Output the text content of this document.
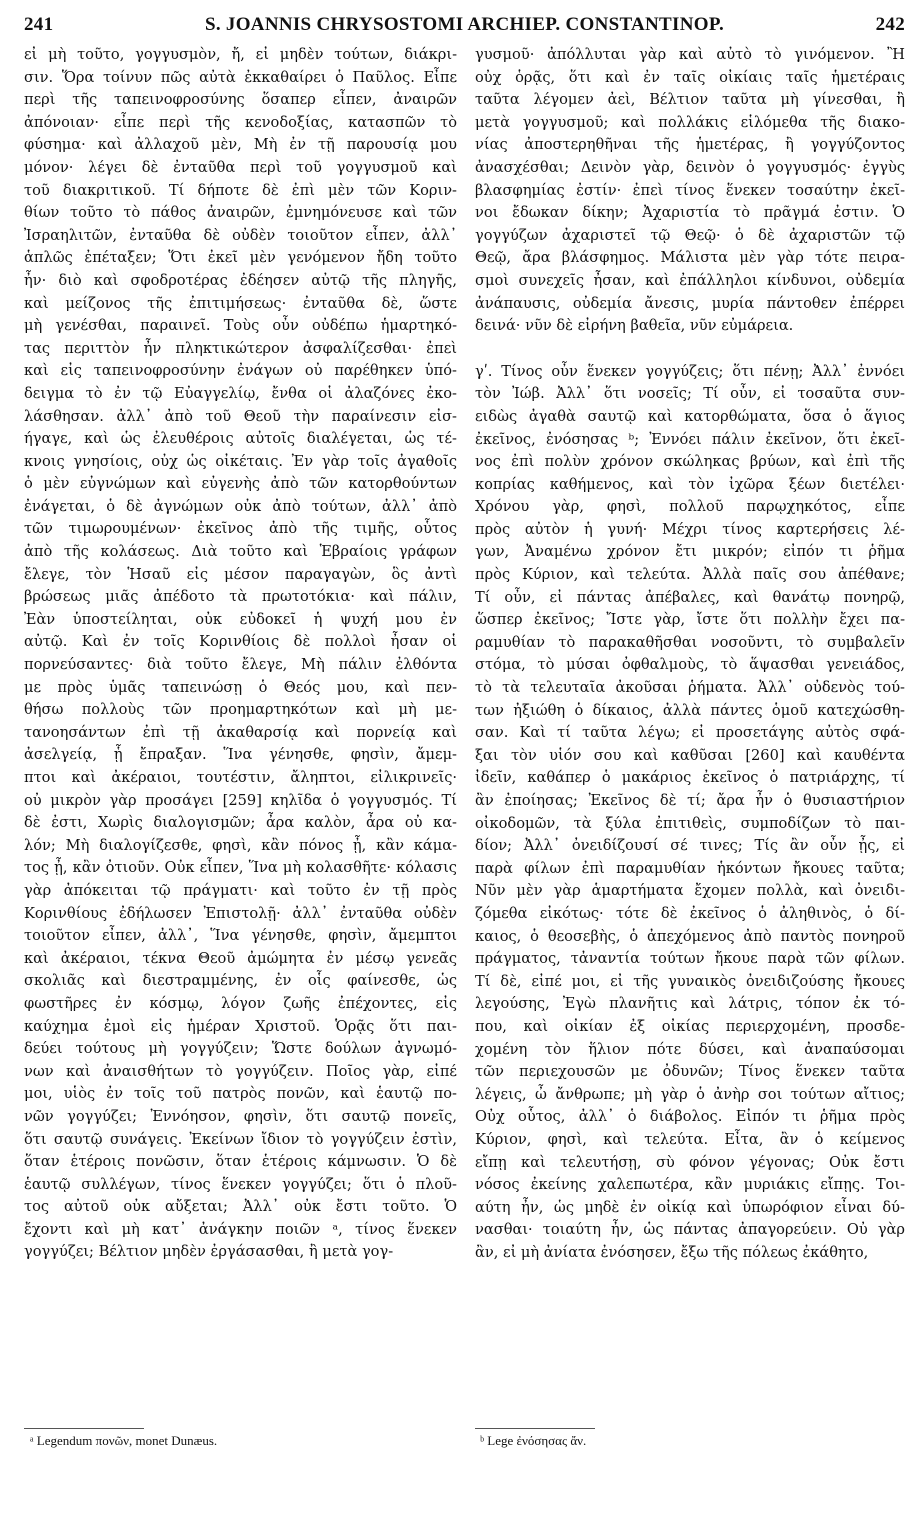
241	S. JOANNIS CHRYSOSTOMI ARCHIEP. CONSTANTINOP.	242
εἰ μὴ τοῦτο, γογγυσμὸν, ἤ, εἰ μηδὲν τούτων, διάκρι-
σιν. Ὅρα τοίνυν πῶς αὐτὰ ἐκκαθαίρει ὁ Παῦλος. Εἶπε
περὶ τῆς ταπεινοφροσύνης ὅσαπερ εἶπεν, ἀναιρῶν
ἀπόνοιαν· εἶπε περὶ τῆς κενοδοξίας, κατασπῶν τὸ
φύσημα· καὶ ἀλλαχοῦ μὲν, Μὴ ἐν τῇ παρουσίᾳ μου
μόνον· λέγει δὲ ἐνταῦθα περὶ τοῦ γογγυσμοῦ καὶ
τοῦ διακριτικοῦ. Τί δήποτε δὲ ἐπὶ μὲν τῶν Κοριν-
θίων τοῦτο τὸ πάθος ἀναιρῶν, ἐμνημόνευσε καὶ τῶν
Ἰσραηλιτῶν, ἐνταῦθα δὲ οὐδὲν τοιοῦτον εἶπεν, ἀλλ᾽
ἁπλῶς ἐπέταξεν; Ὅτι ἐκεῖ μὲν γενόμενον ἤδη τοῦτο
ἦν· διὸ καὶ σφοδροτέρας ἐδέησεν αὐτῷ τῆς πληγῆς,
καὶ μείζονος τῆς ἐπιτιμήσεως· ἐνταῦθα δὲ, ὥστε
μὴ γενέσθαι, παραινεῖ. Τοὺς οὖν οὐδέπω ἡμαρτηκό-
τας περιττὸν ἦν πληκτικώτερον ἀσφαλίζεσθαι· ἐπεὶ
καὶ εἰς ταπεινοφροσύνην ἐνάγων οὐ παρέθηκεν ὑπό-
δειγμα τὸ ἐν τῷ Εὐαγγελίῳ, ἔνθα οἱ ἀλαζόνες ἐκο-
λάσθησαν. ἀλλ᾽ ἀπὸ τοῦ Θεοῦ τὴν παραίνεσιν εἰσ-
ήγαγε, καὶ ὡς ἐλευθέροις αὐτοῖς διαλέγεται, ὡς τέ-
κνοις γνησίοις, οὐχ ὡς οἰκέταις. Ἐν γὰρ τοῖς ἀγαθοῖς
ὁ μὲν εὐγνώμων καὶ εὐγενὴς ἀπὸ τῶν κατορθούντων
ἐνάγεται, ὁ δὲ ἀγνώμων οὐκ ἀπὸ τούτων, ἀλλ᾽ ἀπὸ
τῶν τιμωρουμένων· ἐκεῖνος ἀπὸ τῆς τιμῆς, οὗτος
ἀπὸ τῆς κολάσεως. Διὰ τοῦτο καὶ Ἑβραίοις γράφων
ἔλεγε, τὸν Ἡσαῦ εἰς μέσον παραγαγὼν, ὃς ἀντὶ
βρώσεως μιᾶς ἀπέδοτο τὰ πρωτοτόκια· καὶ πάλιν,
Ἐὰν ὑποστείληται, οὐκ εὐδοκεῖ ἡ ψυχή μου ἐν
αὐτῷ. Καὶ ἐν τοῖς Κορινθίοις δὲ πολλοὶ ἦσαν οἱ
πορνεύσαντες· διὰ τοῦτο ἔλεγε, Μὴ πάλιν ἐλθόντα
με πρὸς ὑμᾶς ταπεινώσῃ ὁ Θεός μου, καὶ πεν-
θήσω πολλοὺς τῶν προημαρτηκότων καὶ μὴ με-
τανοησάντων ἐπὶ τῇ ἀκαθαρσίᾳ καὶ πορνείᾳ καὶ
ἀσελγείᾳ, ᾗ ἔπραξαν. Ἵνα γένησθε, φησὶν, ἄμεμ-
πτοι καὶ ἀκέραιοι, τουτέστιν, ἄληπτοι, εἰλικρινεῖς·
οὐ μικρὸν γὰρ προσάγει [259] κηλῖδα ὁ γογγυσμός. Τί
δὲ ἐστι, Χωρὶς διαλογισμῶν; ἆρα καλὸν, ἆρα οὐ κα-
λόν; Μὴ διαλογίζεσθε, φησὶ, κἂν πόνος ᾖ, κἂν κάμα-
τος ᾖ, κἂν ὀτιοῦν. Οὐκ εἶπεν, Ἵνα μὴ κολασθῆτε· κόλασις
γὰρ ἀπόκειται τῷ πράγματι· καὶ τοῦτο ἐν τῇ πρὸς
Κορινθίους ἐδήλωσεν Ἐπιστολῇ· ἀλλ᾽ ἐνταῦθα οὐδὲν
τοιοῦτον εἶπεν, ἀλλ᾽, Ἵνα γένησθε, φησὶν, ἄμεμπτοι
καὶ ἀκέραιοι, τέκνα Θεοῦ ἀμώμητα ἐν μέσῳ γενεᾶς
σκολιᾶς καὶ διεστραμμένης, ἐν οἷς φαίνεσθε, ὡς
φωστῆρες ἐν κόσμῳ, λόγον ζωῆς ἐπέχοντες, εἰς
καύχημα ἐμοὶ εἰς ἡμέραν Χριστοῦ. Ὁρᾷς ὅτι παι-
δεύει τούτους μὴ γογγύζειν; Ὥστε δούλων ἀγνωμό-
νων καὶ ἀναισθήτων τὸ γογγύζειν. Ποῖος γὰρ, εἰπέ
μοι, υἱὸς ἐν τοῖς τοῦ πατρὸς πονῶν, καὶ ἑαυτῷ πο-
νῶν γογγύζει; Ἐννόησον, φησὶν, ὅτι σαυτῷ πονεῖς,
ὅτι σαυτῷ συνάγεις. Ἐκείνων ἴδιον τὸ γογγύζειν ἐστὶν,
ὅταν ἑτέροις πονῶσιν, ὅταν ἑτέροις κάμνωσιν. Ὁ δὲ
ἑαυτῷ συλλέγων, τίνος ἕνεκεν γογγύζει; ὅτι ὁ πλοῦ-
τος αὐτοῦ οὐκ αὔξεται; Ἀλλ᾽ οὐκ ἔστι τοῦτο. Ὁ
ἔχοντι καὶ μὴ κατ᾽ ἀνάγκην ποιῶν ᵃ, τίνος ἕνεκεν
γογγύζει; Βέλτιον μηδὲν ἐργάσασθαι, ἢ μετὰ γογ-
γυσμοῦ· ἀπόλλυται γὰρ καὶ αὐτὸ τὸ γινόμενον. Ἢ
οὐχ ὁρᾷς, ὅτι καὶ ἐν ταῖς οἰκίαις ταῖς ἡμετέραις
ταῦτα λέγομεν ἀεὶ, Βέλτιον ταῦτα μὴ γίνεσθαι, ἢ
μετὰ γογγυσμοῦ; καὶ πολλάκις εἱλόμεθα τῆς διακο-
νίας ἀποστερηθῆναι τῆς ἡμετέρας, ἢ γογγύζοντος
ἀνασχέσθαι; Δεινὸν γὰρ, δεινὸν ὁ γογγυσμός· ἐγγὺς
βλασφημίας ἐστίν· ἐπεὶ τίνος ἕνεκεν τοσαύτην ἐκεῖ-
νοι ἔδωκαν δίκην; Ἀχαριστία τὸ πρᾶγμά ἐστιν. Ὁ
γογγύζων ἀχαριστεῖ τῷ Θεῷ· ὁ δὲ ἀχαριστῶν τῷ
Θεῷ, ἄρα βλάσφημος. Μάλιστα μὲν γὰρ τότε πειρα-
σμοὶ συνεχεῖς ἦσαν, καὶ ἐπάλληλοι κίνδυνοι, οὐδεμία
ἀνάπαυσις, οὐδεμία ἄνεσις, μυρία πάντοθεν ἐπέρρει
δεινά· νῦν δὲ εἰρήνη βαθεῖα, νῦν εὐμάρεια.
γʹ. Τίνος οὖν ἕνεκεν γογγύζεις; ὅτι πένῃ; Ἀλλ᾽ ἐννόει
τὸν Ἰώβ. Ἀλλ᾽ ὅτι νοσεῖς; Τί οὖν, εἰ τοσαῦτα συν-
ειδὼς ἀγαθὰ σαυτῷ καὶ κατορθώματα, ὅσα ὁ ἅγιος
ἐκεῖνος, ἐνόσησας ᵇ; Ἐννόει πάλιν ἐκεῖνον, ὅτι ἐκεῖ-
νος ἐπὶ πολὺν χρόνον σκώληκας βρύων, καὶ ἐπὶ τῆς
κοπρίας καθήμενος, καὶ τὸν ἰχῶρα ξέων διετέλει·
Χρόνου γὰρ, φησὶ, πολλοῦ παρῳχηκότος, εἶπε
πρὸς αὐτὸν ἡ γυνή· Μέχρι τίνος καρτερήσεις λέ-
γων, Ἀναμένω χρόνον ἔτι μικρόν; εἰπόν τι ῥῆμα
πρὸς Κύριον, καὶ τελεύτα. Ἀλλὰ παῖς σου ἀπέθανε;
Τί οὖν, εἰ πάντας ἀπέβαλες, καὶ θανάτῳ πονηρῷ,
ὥσπερ ἐκεῖνος; Ἴστε γὰρ, ἴστε ὅτι πολλὴν ἔχει πα-
ραμυθίαν τὸ παρακαθῆσθαι νοσοῦντι, τὸ συμβαλεῖν
στόμα, τὸ μύσαι ὀφθαλμοὺς, τὸ ἅψασθαι γενειάδος,
τὸ τὰ τελευταῖα ἀκοῦσαι ῥήματα. Ἀλλ᾽ οὐδενὸς τού-
των ἠξιώθη ὁ δίκαιος, ἀλλὰ πάντες ὁμοῦ κατεχώσθη-
σαν. Καὶ τί ταῦτα λέγω; εἰ προσετάγης αὐτὸς σφά-
ξαι τὸν υἱόν σου καὶ καθῦσαι [260] καὶ καυθέντα
ἰδεῖν, καθάπερ ὁ μακάριος ἐκεῖνος ὁ πατριάρχης, τί
ἂν ἐποίησας; Ἐκεῖνος δὲ τί; ἄρα ἦν ὁ θυσιαστήριον
οἰκοδομῶν, τὰ ξύλα ἐπιτιθεὶς, συμποδίζων τὸ παι-
δίον; Ἀλλ᾽ ὀνειδίζουσί σέ τινες; Τίς ἂν οὖν ᾖς, εἰ
παρὰ φίλων ἐπὶ παραμυθίαν ἡκόντων ἤκουες ταῦτα;
Νῦν μὲν γὰρ ἁμαρτήματα ἔχομεν πολλὰ, καὶ ὀνειδι-
ζόμεθα εἰκότως· τότε δὲ ἐκεῖνος ὁ ἀληθινὸς, ὁ δί-
καιος, ὁ θεοσεβὴς, ὁ ἀπεχόμενος ἀπὸ παντὸς πονηροῦ
πράγματος, τἀναντία τούτων ἤκουε παρὰ τῶν φίλων.
Τί δὲ, εἰπέ μοι, εἰ τῆς γυναικὸς ὀνειδιζούσης ἤκουες
λεγούσης, Ἐγὼ πλανῆτις καὶ λάτρις, τόπον ἐκ τό-
που, καὶ οἰκίαν ἐξ οἰκίας περιερχομένη, προσδε-
χομένη τὸν ἥλιον πότε δύσει, καὶ ἀναπαύσομαι
τῶν περιεχουσῶν με ὀδυνῶν; Τίνος ἕνεκεν ταῦτα
λέγεις, ὦ ἄνθρωπε; μὴ γὰρ ὁ ἀνὴρ σοι τούτων αἴτιος;
Οὐχ οὗτος, ἀλλ᾽ ὁ διάβολος. Εἰπόν τι ῥῆμα πρὸς
Κύριον, φησὶ, καὶ τελεύτα. Εἶτα, ἂν ὁ κείμενος
εἴπῃ καὶ τελευτήσῃ, σὺ φόνον γέγονας; Οὐκ ἔστι
νόσος ἐκείνης χαλεπωτέρα, κἂν μυριάκις εἴπῃς. Τοι-
αύτη ἦν, ὡς μηδὲ ἐν οἰκίᾳ καὶ ὑπωρόφιον εἶναι δύ-
νασθαι· τοιαύτη ἦν, ὡς πάντας ἀπαγορεύειν. Οὐ γὰρ
ἂν, εἰ μὴ ἀνίατα ἐνόσησεν, ἔξω τῆς πόλεως ἐκάθητο,
ᵃ Legendum πονῶν, monet Dunæus.	ᵇ Lege ἐνόσησας ἄν.
